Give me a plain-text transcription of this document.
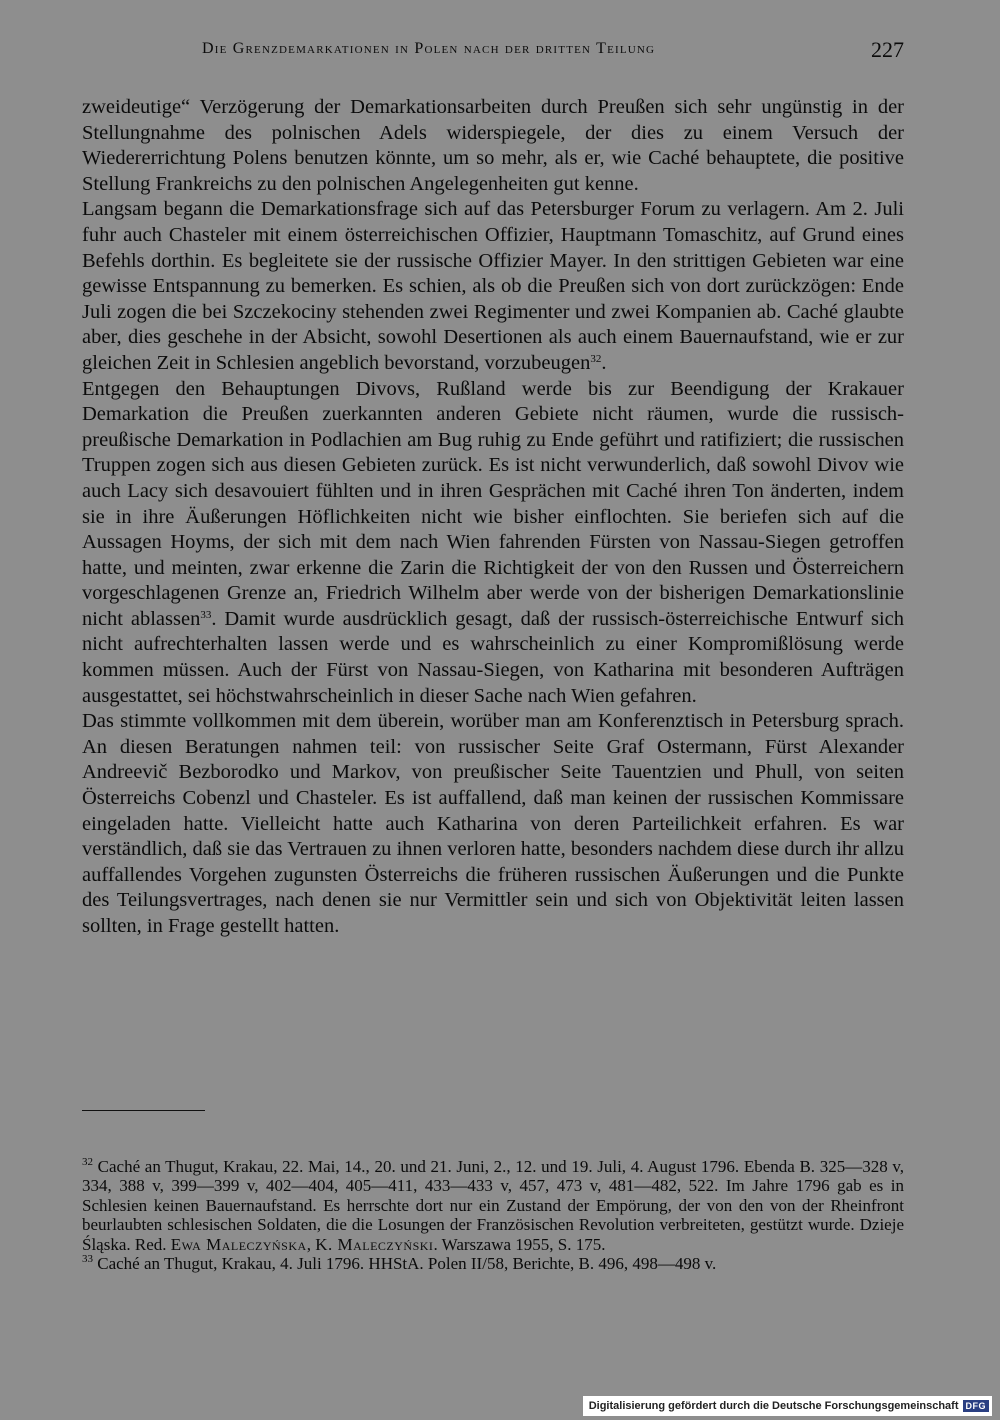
Die Grenzdemarkationen in Polen nach der dritten Teilung	227

zweideutige“ Verzögerung der Demarkationsarbeiten durch Preußen sich sehr ungünstig in der Stellungnahme des polnischen Adels widerspiegele, der dies zu einem Versuch der Wiedererrichtung Polens benutzen könnte, um so mehr, als er, wie Caché behauptete, die positive Stellung Frankreichs zu den polnischen Angelegenheiten gut kenne.

Langsam begann die Demarkationsfrage sich auf das Petersburger Forum zu verlagern. Am 2. Juli fuhr auch Chasteler mit einem österreichischen Offizier, Hauptmann Tomaschitz, auf Grund eines Befehls dorthin. Es begleitete sie der russische Offizier Mayer. In den strittigen Gebieten war eine gewisse Entspannung zu bemerken. Es schien, als ob die Preußen sich von dort zurückzögen: Ende Juli zogen die bei Szczekociny stehenden zwei Regimenter und zwei Kompanien ab. Caché glaubte aber, dies geschehe in der Absicht, sowohl Desertionen als auch einem Bauernaufstand, wie er zur gleichen Zeit in Schlesien angeblich bevorstand, vorzubeugen$^{32}$.

Entgegen den Behauptungen Divovs, Rußland werde bis zur Beendigung der Krakauer Demarkation die Preußen zuerkannten anderen Gebiete nicht räumen, wurde die russisch-preußische Demarkation in Podlachien am Bug ruhig zu Ende geführt und ratifiziert; die russischen Truppen zogen sich aus diesen Gebieten zurück. Es ist nicht verwunderlich, daß sowohl Divov wie auch Lacy sich desavouiert fühlten und in ihren Gesprächen mit Caché ihren Ton änderten, indem sie in ihre Äußerungen Höflichkeiten nicht wie bisher einflochten. Sie beriefen sich auf die Aussagen Hoyms, der sich mit dem nach Wien fahrenden Fürsten von Nassau-Siegen getroffen hatte, und meinten, zwar erkenne die Zarin die Richtigkeit der von den Russen und Österreichern vorgeschlagenen Grenze an, Friedrich Wilhelm aber werde von der bisherigen Demarkationslinie nicht ablassen$^{33}$. Damit wurde ausdrücklich gesagt, daß der russisch-österreichische Entwurf sich nicht aufrechterhalten lassen werde und es wahrscheinlich zu einer Kompromißlösung werde kommen müssen. Auch der Fürst von Nassau-Siegen, von Katharina mit besonderen Aufträgen ausgestattet, sei höchstwahrscheinlich in dieser Sache nach Wien gefahren.

Das stimmte vollkommen mit dem überein, worüber man am Konferenztisch in Petersburg sprach. An diesen Beratungen nahmen teil: von russischer Seite Graf Ostermann, Fürst Alexander Andreevič Bezborodko und Markov, von preußischer Seite Tauentzien und Phull, von seiten Österreichs Cobenzl und Chasteler. Es ist auffallend, daß man keinen der russischen Kommissare eingeladen hatte. Vielleicht hatte auch Katharina von deren Parteilichkeit erfahren. Es war verständlich, daß sie das Vertrauen zu ihnen verloren hatte, besonders nachdem diese durch ihr allzu auffallendes Vorgehen zugunsten Österreichs die früheren russischen Äußerungen und die Punkte des Teilungsvertrages, nach denen sie nur Vermittler sein und sich von Objektivität leiten lassen sollten, in Frage gestellt hatten.

$^{32}$ Caché an Thugut, Krakau, 22. Mai, 14., 20. und 21. Juni, 2., 12. und 19. Juli, 4. August 1796. Ebenda B. 325—328 v, 334, 388 v, 399—399 v, 402—404, 405—411, 433—433 v, 457, 473 v, 481—482, 522. Im Jahre 1796 gab es in Schlesien keinen Bauernaufstand. Es herrschte dort nur ein Zustand der Empörung, der von den von der Rheinfront beurlaubten schlesischen Soldaten, die die Losungen der Französischen Revolution verbreiteten, gestützt wurde. Dzieje Śląska. Red. Ewa Maleczyńska, K. Maleczyński. Warszawa 1955, S. 175.

$^{33}$ Caché an Thugut, Krakau, 4. Juli 1796. HHStA. Polen II/58, Berichte, B. 496, 498—498 v.

Digitalisierung gefördert durch die Deutsche Forschungsgemeinschaft DFG
